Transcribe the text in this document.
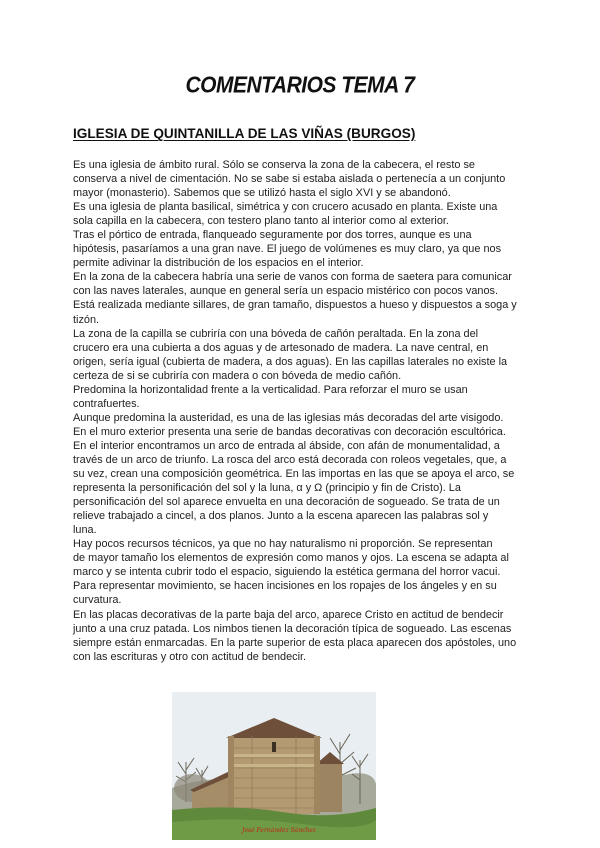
COMENTARIOS TEMA 7
IGLESIA DE QUINTANILLA DE LAS VIÑAS (BURGOS)
Es una iglesia de ámbito rural. Sólo se conserva la zona de la cabecera, el resto se
conserva a nivel de cimentación. No se sabe si estaba aislada o pertenecía a un conjunto
mayor (monasterio). Sabemos que se utilizó hasta el siglo XVI y se abandonó.
Es una iglesia de planta basilical, simétrica y con crucero acusado en planta. Existe una
sola capilla en la cabecera, con testero plano tanto al interior como al exterior.
Tras el pórtico de entrada, flanqueado seguramente por dos torres, aunque es una
hipótesis, pasaríamos a una gran nave. El juego de volúmenes es muy claro, ya que nos
permite adivinar la distribución de los espacios en el interior.
En la zona de la cabecera habría una serie de vanos con forma de saetera para comunicar
con las naves laterales, aunque en general sería un espacio mistérico con pocos vanos.
Está realizada mediante sillares, de gran tamaño, dispuestos a hueso y dispuestos a soga y
tizón.
La zona de la capilla se cubriría con una bóveda de cañón peraltada. En la zona del
crucero era una cubierta a dos aguas y de artesonado de madera. La nave central, en
origen, sería igual (cubierta de madera, a dos aguas). En las capillas laterales no existe la
certeza de si se cubriría con madera o con bóveda de medio cañón.
Predomina la horizontalidad frente a la verticalidad. Para reforzar el muro se usan
contrafuertes.
Aunque predomina la austeridad, es una de las iglesias más decoradas del arte visigodo.
En el muro exterior presenta una serie de bandas decorativas con decoración escultórica.
En el interior encontramos un arco de entrada al ábside, con afán de monumentalidad, a
través de un arco de triunfo. La rosca del arco está decorada con roleos vegetales, que, a
su vez, crean una composición geométrica. En las importas en las que se apoya el arco, se
representa la personificación del sol y la luna, α y Ω (principio y fin de Cristo). La
personificación del sol aparece envuelta en una decoración de sogueado. Se trata de un
relieve trabajado a cincel, a dos planos. Junto a la escena aparecen las palabras sol y
luna.
Hay pocos recursos técnicos, ya que no hay naturalismo ni proporción. Se representan
de mayor tamaño los elementos de expresión como manos y ojos. La escena se adapta al
marco y se intenta cubrir todo el espacio, siguiendo la estética germana del horror vacui.
Para representar movimiento, se hacen incisiones en los ropajes de los ángeles y en su
curvatura.
En las placas decorativas de la parte baja del arco, aparece Cristo en actitud de bendecir
junto a una cruz patada. Los nimbos tienen la decoración típica de sogueado. Las escenas
siempre están enmarcadas. En la parte superior de esta placa aparecen dos apóstoles, uno
con las escrituras y otro con actitud de bendecir.
José Fernández Sánchez
